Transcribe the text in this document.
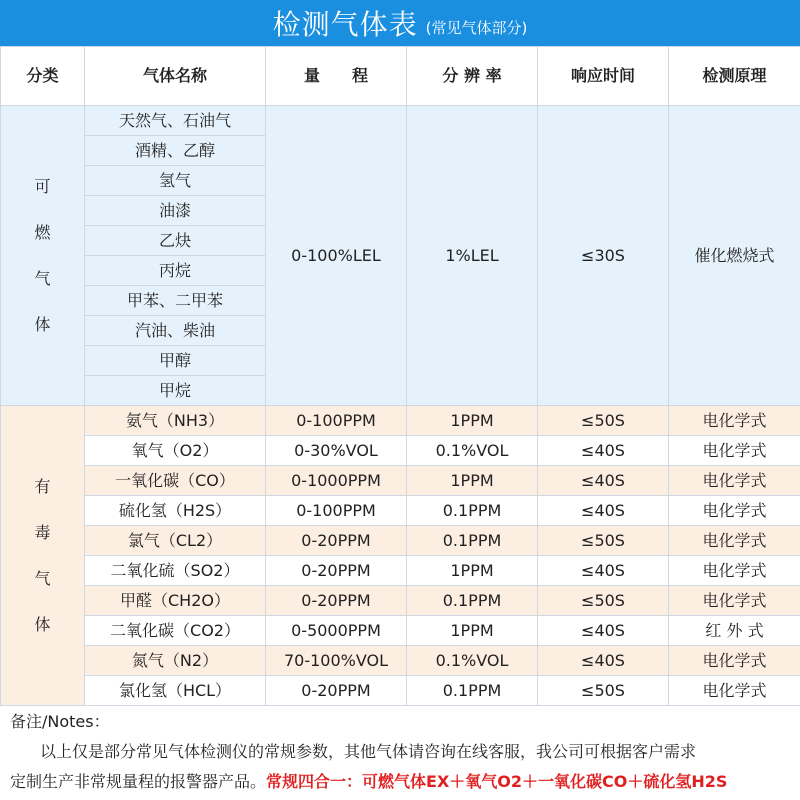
检测气体表 (常见气体部分)
分类	气体名称	量　　程	分 辨 率	响应时间	检测原理

可
燃
气
体	天然气、石油气	0-100%LEL	1%LEL	≤30S	催化燃烧式
	酒精、乙醇				
	氢气				
	油漆				
	乙炔				
	丙烷				
	甲苯、二甲苯				
	汽油、柴油				
	甲醇				
	甲烷				

有
毒
气
体	氨气（NH3）	0-100PPM	1PPM	≤50S	电化学式
	氧气（O2）	0-30%VOL	0.1%VOL	≤40S	电化学式
	一氧化碳（CO）	0-1000PPM	1PPM	≤40S	电化学式
	硫化氢（H2S）	0-100PPM	0.1PPM	≤40S	电化学式
	氯气（CL2）	0-20PPM	0.1PPM	≤50S	电化学式
	二氧化硫（SO2）	0-20PPM	1PPM	≤40S	电化学式
	甲醛（CH2O）	0-20PPM	0.1PPM	≤50S	电化学式
	二氧化碳（CO2）	0-5000PPM	1PPM	≤40S	红 外 式
	氮气（N2）	70-100%VOL	0.1%VOL	≤40S	电化学式
	氯化氢（HCL）	0-20PPM	0.1PPM	≤50S	电化学式
备注/Notes：
以上仅是部分常见气体检测仪的常规参数，其他气体请咨询在线客服，我公司可根据客户需求
定制生产非常规量程的报警器产品。常规四合一：可燃气体EX＋氧气O2＋一氧化碳CO＋硫化氢H2S
